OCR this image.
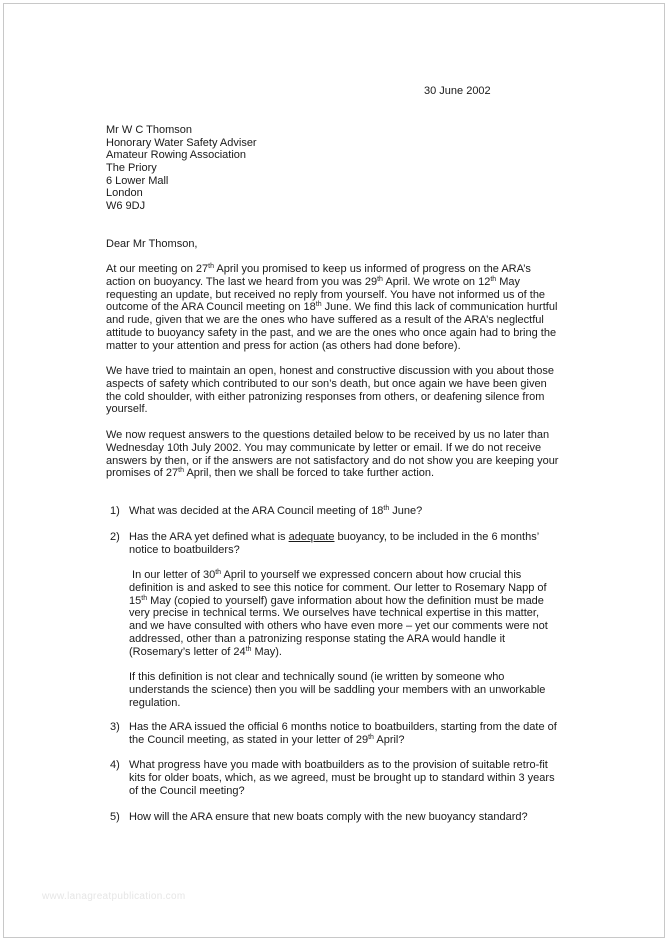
30 June 2002
Mr W C Thomson
Honorary Water Safety Adviser
Amateur Rowing Association
The Priory
6 Lower Mall
London
W6 9DJ
Dear Mr Thomson,
At our meeting on 27th April you promised to keep us informed of progress on the ARA’s
action on buoyancy. The last we heard from you was 29th April. We wrote on 12th May
requesting an update, but received no reply from yourself. You have not informed us of the
outcome of the ARA Council meeting on 18th June. We find this lack of communication hurtful
and rude, given that we are the ones who have suffered as a result of the ARA’s neglectful
attitude to buoyancy safety in the past, and we are the ones who once again had to bring the
matter to your attention and press for action (as others had done before).
We have tried to maintain an open, honest and constructive discussion with you about those
aspects of safety which contributed to our son’s death, but once again we have been given
the cold shoulder, with either patronizing responses from others, or deafening silence from
yourself.
We now request answers to the questions detailed below to be received by us no later than
Wednesday 10th July 2002. You may communicate by letter or email. If we do not receive
answers by then, or if the answers are not satisfactory and do not show you are keeping your
promises of 27th April, then we shall be forced to take further action.
1) What was decided at the ARA Council meeting of 18th June?
2) Has the ARA yet defined what is adequate buoyancy, to be included in the 6 months’
notice to boatbuilders?
In our letter of 30th April to yourself we expressed concern about how crucial this
definition is and asked to see this notice for comment. Our letter to Rosemary Napp of
15th May (copied to yourself) gave information about how the definition must be made
very precise in technical terms. We ourselves have technical expertise in this matter,
and we have consulted with others who have even more – yet our comments were not
addressed, other than a patronizing response stating the ARA would handle it
(Rosemary’s letter of 24th May).
If this definition is not clear and technically sound (ie written by someone who
understands the science) then you will be saddling your members with an unworkable
regulation.
3) Has the ARA issued the official 6 months notice to boatbuilders, starting from the date of
the Council meeting, as stated in your letter of 29th April?
4) What progress have you made with boatbuilders as to the provision of suitable retro-fit
kits for older boats, which, as we agreed, must be brought up to standard within 3 years
of the Council meeting?
5) How will the ARA ensure that new boats comply with the new buoyancy standard?
www.lanagreatpublication.com
